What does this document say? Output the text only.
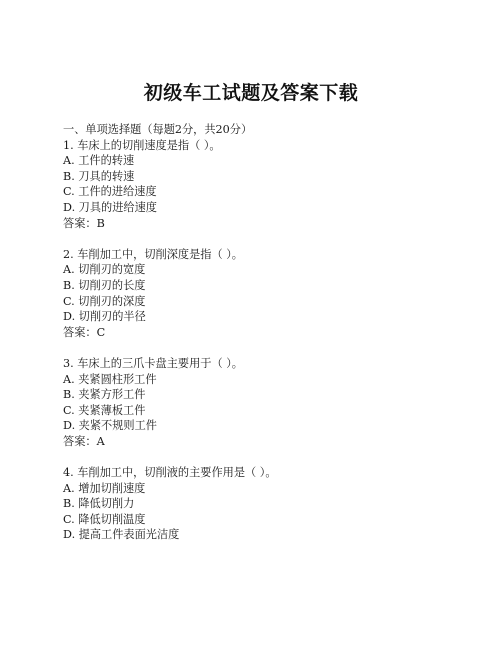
初级车工试题及答案下载
一、单项选择题（每题2分，共20分）
1. 车床上的切削速度是指（ ）。
A. 工件的转速
B. 刀具的转速
C. 工件的进给速度
D. 刀具的进给速度
答案：B
2. 车削加工中，切削深度是指（ ）。
A. 切削刃的宽度
B. 切削刃的长度
C. 切削刃的深度
D. 切削刃的半径
答案：C
3. 车床上的三爪卡盘主要用于（ ）。
A. 夹紧圆柱形工件
B. 夹紧方形工件
C. 夹紧薄板工件
D. 夹紧不规则工件
答案：A
4. 车削加工中，切削液的主要作用是（ ）。
A. 增加切削速度
B. 降低切削力
C. 降低切削温度
D. 提高工件表面光洁度
